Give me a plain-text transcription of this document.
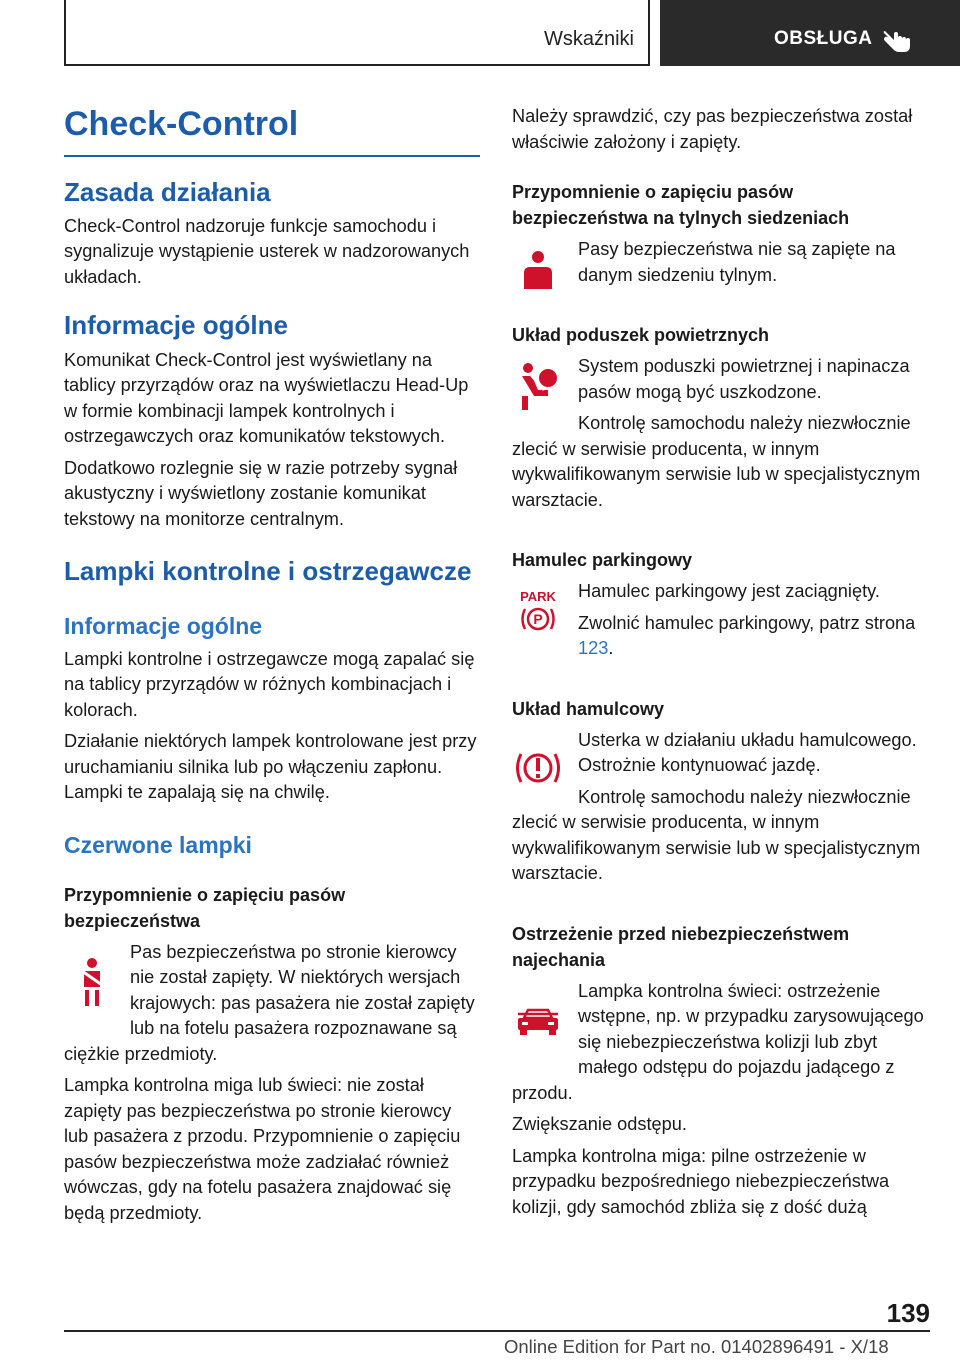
Wskaźniki	OBSŁUGA
Check-Control
Zasada działania

Check-Control nadzoruje funkcje samochodu i sygnalizuje wystąpienie usterek w nadzorowanych układach.

Informacje ogólne

Komunikat Check-Control jest wyświetlany na tablicy przyrządów oraz na wyświetlaczu Head-Up w formie kombinacji lampek kontrolnych i ostrzegawczych oraz komunikatów tekstowych.

Dodatkowo rozlegnie się w razie potrzeby sygnał akustyczny i wyświetlony zostanie komunikat tekstowy na monitorze centralnym.

Lampki kontrolne i ostrzegawcze
Informacje ogólne

Lampki kontrolne i ostrzegawcze mogą zapalać się na tablicy przyrządów w różnych kombinacjach i kolorach.

Działanie niektórych lampek kontrolowane jest przy uruchamianiu silnika lub po włączeniu zapłonu. Lampki te zapalają się na chwilę.

Czerwone lampki
Przypomnienie o zapięciu pasów bezpieczeństwa

Pas bezpieczeństwa po stronie kierowcy nie został zapięty. W niektórych wersjach krajowych: pas pasażera nie został zapięty lub na fotelu pasażera rozpoznawane są ciężkie przedmioty.

Lampka kontrolna miga lub świeci: nie został zapięty pas bezpieczeństwa po stronie kierowcy lub pasażera z przodu. Przypomnienie o zapięciu pasów bezpieczeństwa może zadziałać również wówczas, gdy na fotelu pasażera znajdować się będą przedmioty.

Należy sprawdzić, czy pas bezpieczeństwa został właściwie założony i zapięty.

Przypomnienie o zapięciu pasów bezpieczeństwa na tylnych siedzeniach

Pasy bezpieczeństwa nie są zapięte na danym siedzeniu tylnym.

Układ poduszek powietrznych

System poduszki powietrznej i napinacza pasów mogą być uszkodzone.

Kontrolę samochodu należy niezwłocznie zlecić w serwisie producenta, w innym wykwalifikowanym serwisie lub w specjalistycznym warsztacie.

Hamulec parkingowy
PARK
P

Hamulec parkingowy jest zaciągnięty.

Zwolnić hamulec parkingowy, patrz strona 123.

Układ hamulcowy

Usterka w działaniu układu hamulcowego. Ostrożnie kontynuować jazdę.

Kontrolę samochodu należy niezwłocznie zlecić w serwisie producenta, w innym wykwalifikowanym serwisie lub w specjalistycznym warsztacie.

Ostrzeżenie przed niebezpieczeństwem najechania

Lampka kontrolna świeci: ostrzeżenie wstępne, np. w przypadku zarysowującego się niebezpieczeństwa kolizji lub zbyt małego odstępu do pojazdu jadącego z przodu.

Zwiększanie odstępu.

Lampka kontrolna miga: pilne ostrzeżenie w przypadku bezpośredniego niebezpieczeństwa kolizji, gdy samochód zbliża się z dość dużą

139
Online Edition for Part no. 01402896491 - X/18
